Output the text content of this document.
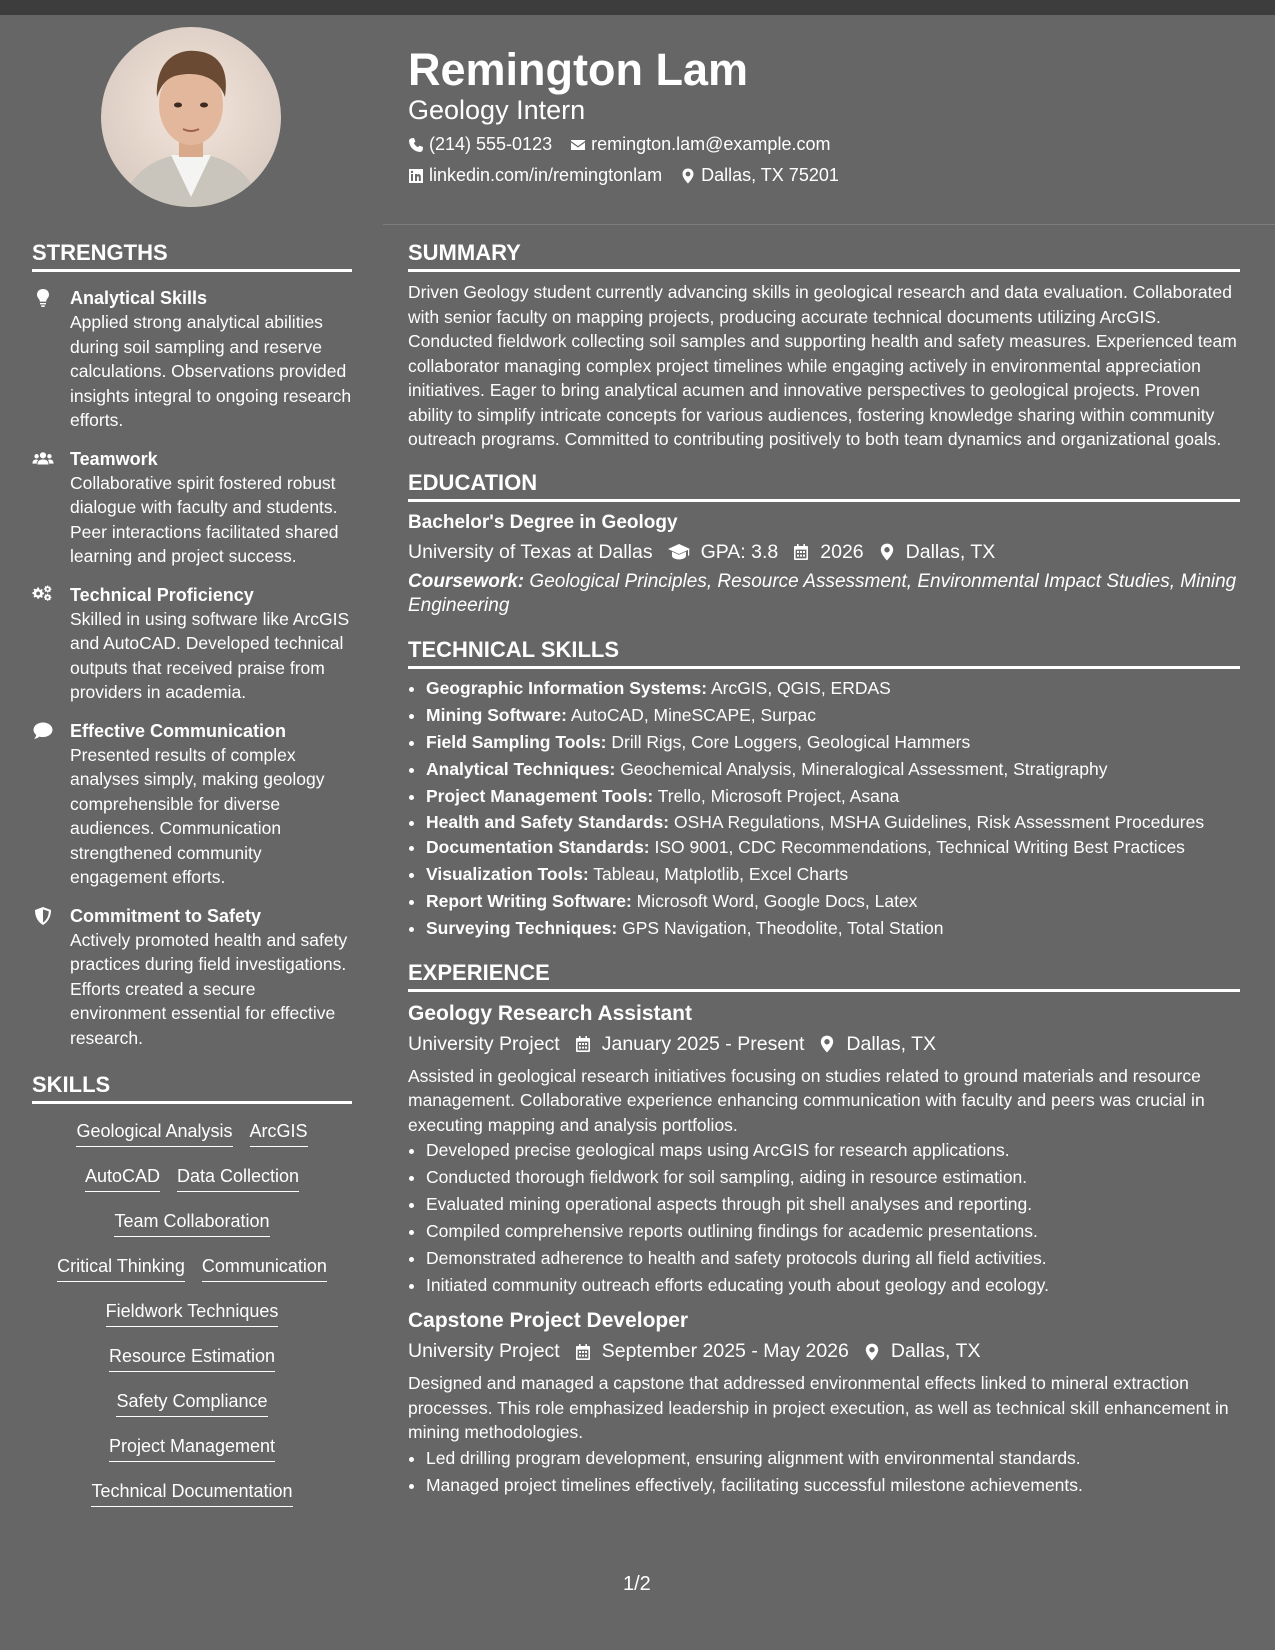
Remington Lam
Geology Intern
(214) 555-0123 remington.lam@example.com
linkedin.com/in/remingtonlam Dallas, TX 75201
STRENGTHS
Analytical Skills
Applied strong analytical abilities during soil sampling and reserve calculations. Observations provided insights integral to ongoing research efforts.
Teamwork
Collaborative spirit fostered robust dialogue with faculty and students. Peer interactions facilitated shared learning and project success.
Technical Proficiency
Skilled in using software like ArcGIS and AutoCAD. Developed technical outputs that received praise from providers in academia.
Effective Communication
Presented results of complex analyses simply, making geology comprehensible for diverse audiences. Communication strengthened community engagement efforts.
Commitment to Safety
Actively promoted health and safety practices during field investigations. Efforts created a secure environment essential for effective research.
SKILLS
Geological Analysis ArcGIS
AutoCAD Data Collection
Team Collaboration
Critical Thinking Communication
Fieldwork Techniques
Resource Estimation
Safety Compliance
Project Management
Technical Documentation
SUMMARY
Driven Geology student currently advancing skills in geological research and data evaluation. Collaborated with senior faculty on mapping projects, producing accurate technical documents utilizing ArcGIS. Conducted fieldwork collecting soil samples and supporting health and safety measures. Experienced team collaborator managing complex project timelines while engaging actively in environmental appreciation initiatives. Eager to bring analytical acumen and innovative perspectives to geological projects. Proven ability to simplify intricate concepts for various audiences, fostering knowledge sharing within community outreach programs. Committed to contributing positively to both team dynamics and organizational goals.
EDUCATION
Bachelor's Degree in Geology
University of Texas at Dallas GPA: 3.8 2026 Dallas, TX
Coursework: Geological Principles, Resource Assessment, Environmental Impact Studies, Mining Engineering
TECHNICAL SKILLS
• Geographic Information Systems: ArcGIS, QGIS, ERDAS
• Mining Software: AutoCAD, MineSCAPE, Surpac
• Field Sampling Tools: Drill Rigs, Core Loggers, Geological Hammers
• Analytical Techniques: Geochemical Analysis, Mineralogical Assessment, Stratigraphy
• Project Management Tools: Trello, Microsoft Project, Asana
• Health and Safety Standards: OSHA Regulations, MSHA Guidelines, Risk Assessment Procedures
• Documentation Standards: ISO 9001, CDC Recommendations, Technical Writing Best Practices
• Visualization Tools: Tableau, Matplotlib, Excel Charts
• Report Writing Software: Microsoft Word, Google Docs, Latex
• Surveying Techniques: GPS Navigation, Theodolite, Total Station
EXPERIENCE
Geology Research Assistant
University Project January 2025 - Present Dallas, TX
Assisted in geological research initiatives focusing on studies related to ground materials and resource management. Collaborative experience enhancing communication with faculty and peers was crucial in executing mapping and analysis portfolios.
• Developed precise geological maps using ArcGIS for research applications.
• Conducted thorough fieldwork for soil sampling, aiding in resource estimation.
• Evaluated mining operational aspects through pit shell analyses and reporting.
• Compiled comprehensive reports outlining findings for academic presentations.
• Demonstrated adherence to health and safety protocols during all field activities.
• Initiated community outreach efforts educating youth about geology and ecology.
Capstone Project Developer
University Project September 2025 - May 2026 Dallas, TX
Designed and managed a capstone that addressed environmental effects linked to mineral extraction processes. This role emphasized leadership in project execution, as well as technical skill enhancement in mining methodologies.
• Led drilling program development, ensuring alignment with environmental standards.
• Managed project timelines effectively, facilitating successful milestone achievements.
1/2
